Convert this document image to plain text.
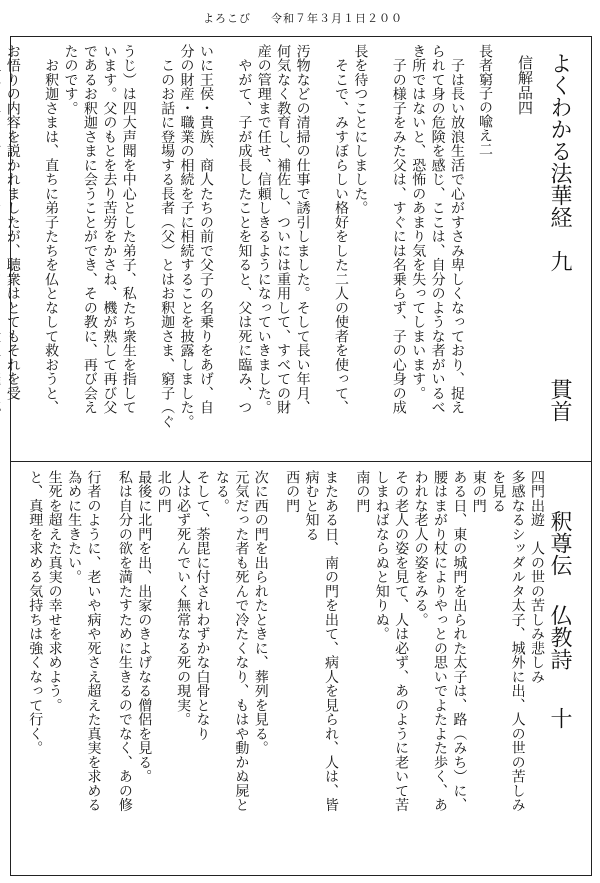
よろこび 令和７年３月１日２００
よくわかる法華経　九
貫首
信解品四
長者窮子の喩え二

　子は長い放浪生活で心がすさみ卑しくなっており、捉え

られて身の危険を感じ、ここは、自分のような者がいるべ

き所ではないと、恐怖のあまり気を失ってしまいます。

　子の様子をみた父は、すぐには名乗らず、子の心身の成

長を待つことにしました。

　そこで、みすぼらしい格好をした二人の使者を使って、

汚物などの清掃の仕事で誘引しました。そして長い年月、

何気なく教育し、補佐し、ついには重用して、すべての財

産の管理まで任せ、信頼しきるようになっていきました。

　やがて、子が成長したことを知ると、父は死に臨み、つ

いに王侯・貴族、商人たちの前で父子の名乗りをあげ、自

分の財産・職業の相続を子に相続することを披露しました。

　このお話に登場する長者（父）とはお釈迦さま、窮子（ぐ

うじ）は四大声聞を中心とした弟子、私たち衆生を指して

います。父のもとを去り苦労をかさね、機が熟して再び父

であるお釈迦さまに会うことができ、その教に、再び会え

たのです。

　お釈迦さまは、直ちに弟子たちを仏となして救おうと、

お悟りの内容を説かれましたが、聴衆はとてもそれを受

釈尊伝
仏教詩
十

四門出遊　人の世の苦しみ悲しみ

多感なるシッダルタ太子、城外に出、人の世の苦しみ

を見る

東の門

ある日、東の城門を出られた太子は、路（みち）に、

腰はまがり杖によりやっとの思いでよたよた歩く、あ

われな老人の姿をみる。

その老人の姿を見て、人は必ず、あのように老いて苦

しまねばならぬと知りぬ。

南の門

またある日、南の門を出て、病人を見られ、人は、皆

病むと知る

西の門

次に西の門を出られたときに、葬列を見る。

元気だった者も死んで冷たくなり、もはや動かぬ屍と

なる。

そして、荼毘に付されわずかな白骨となり

人は必ず死んでいく無常なる死の現実。

北の門

最後に北門を出、出家のきよげなる僧侶を見る。

私は自分の欲を満たすために生きるのでなく、あの修

行者のように、老いや病や死さえ超えた真実を求める

為めに生きたい。

生死を超えた真実の幸せを求めよう。

と、真理を求める気持ちは強くなって行く。
